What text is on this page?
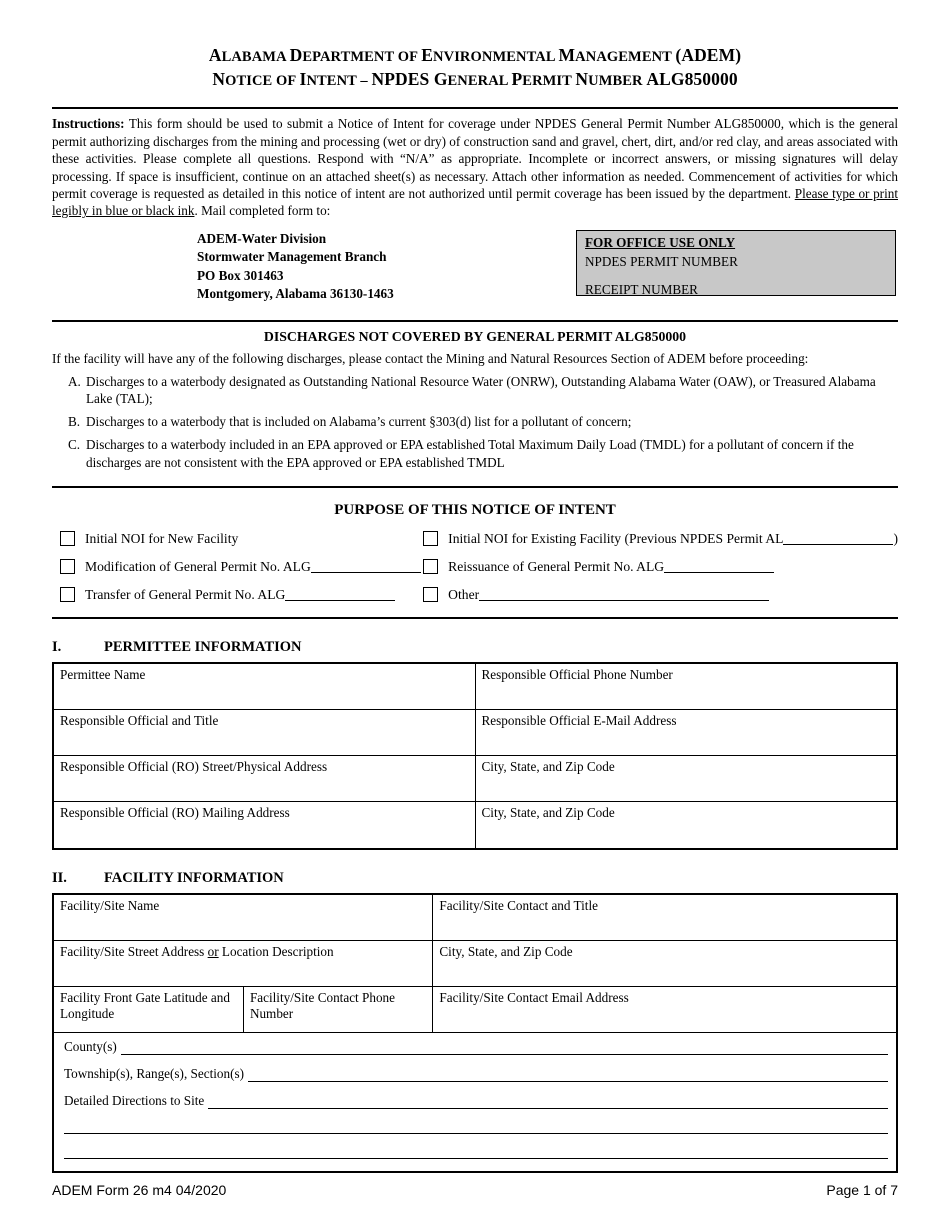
ALABAMA DEPARTMENT OF ENVIRONMENTAL MANAGEMENT (ADEM)
NOTICE OF INTENT – NPDES GENERAL PERMIT NUMBER ALG850000
Instructions: This form should be used to submit a Notice of Intent for coverage under NPDES General Permit Number ALG850000, which is the general permit authorizing discharges from the mining and processing (wet or dry) of construction sand and gravel, chert, dirt, and/or red clay, and areas associated with these activities. Please complete all questions. Respond with “N/A” as appropriate. Incomplete or incorrect answers, or missing signatures will delay processing. If space is insufficient, continue on an attached sheet(s) as necessary. Attach other information as needed. Commencement of activities for which permit coverage is requested as detailed in this notice of intent are not authorized until permit coverage has been issued by the department. Please type or print legibly in blue or black ink. Mail completed form to:
ADEM-Water Division
Stormwater Management Branch
PO Box 301463
Montgomery, Alabama 36130-1463
FOR OFFICE USE ONLY
NPDES PERMIT NUMBER
RECEIPT NUMBER
DISCHARGES NOT COVERED BY GENERAL PERMIT ALG850000
If the facility will have any of the following discharges, please contact the Mining and Natural Resources Section of ADEM before proceeding:
A. Discharges to a waterbody designated as Outstanding National Resource Water (ONRW), Outstanding Alabama Water (OAW), or Treasured Alabama Lake (TAL);
B. Discharges to a waterbody that is included on Alabama’s current §303(d) list for a pollutant of concern;
C. Discharges to a waterbody included in an EPA approved or EPA established Total Maximum Daily Load (TMDL) for a pollutant of concern if the discharges are not consistent with the EPA approved or EPA established TMDL
PURPOSE OF THIS NOTICE OF INTENT
Initial NOI for New Facility	Initial NOI for Existing Facility (Previous NPDES Permit AL	)
Modification of General Permit No. ALG	Reissuance of General Permit No. ALG
Transfer of General Permit No. ALG	Other
I.	PERMITTEE INFORMATION
Permittee Name	Responsible Official Phone Number
Responsible Official and Title	Responsible Official E-Mail Address
Responsible Official (RO) Street/Physical Address	City, State, and Zip Code
Responsible Official (RO) Mailing Address	City, State, and Zip Code
II.	FACILITY INFORMATION
Facility/Site Name		Facility/Site Contact and Title
Facility/Site Street Address or Location Description		City, State, and Zip Code
Facility Front Gate Latitude and Longitude	Facility/Site Contact Phone Number	Facility/Site Contact Email Address

County(s)
Township(s), Range(s), Section(s)
Detailed Directions to Site		
ADEM Form 26 m4 04/2020	Page 1 of 7
